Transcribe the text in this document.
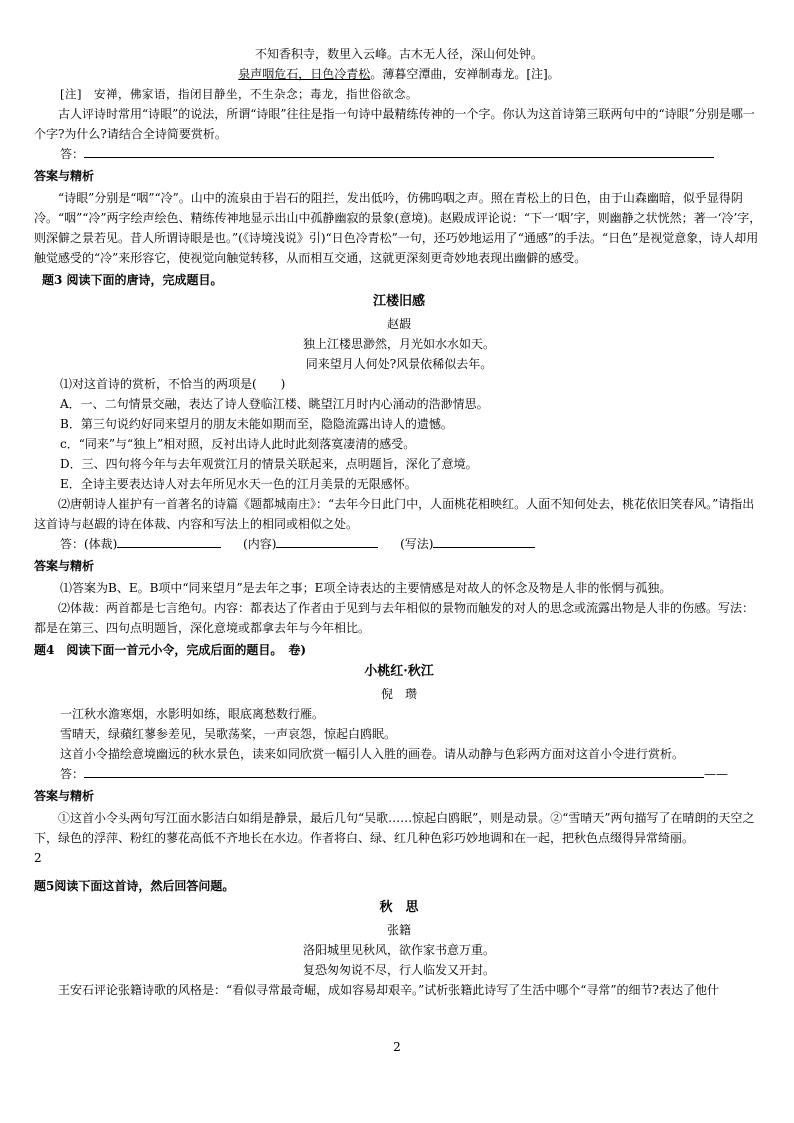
不知香积寺，数里入云峰。古木无人径，深山何处钟。

泉声咽危石，日色冷青松。薄暮空潭曲，安禅制毒龙。[注]。

[注]　安禅，佛家语，指闭目静坐，不生杂念；毒龙，指世俗欲念。

古人评诗时常用“诗眼”的说法，所谓“诗眼”往往是指一句诗中最精练传神的一个字。你认为这首诗第三联两句中的“诗眼”分别是哪一个字?为什么?请结合全诗简要赏析。

答：

答案与精析

“诗眼”分别是“咽”“冷”。山中的流泉由于岩石的阻拦，发出低吟，仿佛呜咽之声。照在青松上的日色，由于山森幽暗，似乎显得阴冷。“咽”“冷”两字绘声绘色、精练传神地显示出山中孤静幽寂的景象(意境)。赵殿成评论说：“下一‘咽’字，则幽静之状恍然；著一‘冷’字，则深僻之景若见。昔人所谓诗眼是也。”(《诗境浅说》引)“日色冷青松”一句，还巧妙地运用了“通感”的手法。“日色”是视觉意象，诗人却用触觉感受的“冷”来形容它，使视觉向触觉转移，从而相互交通，这就更深刻更奇妙地表现出幽僻的感受。

题3 阅读下面的唐诗，完成题目。

江楼旧感

赵嘏

独上江楼思渺然，月光如水水如天。

同来望月人何处?风景依稀似去年。

⑴对这首诗的赏析，不恰当的两项是(　　)

A．一、二句情景交融，表达了诗人登临江楼、眺望江月时内心涌动的浩渺情思。

B．第三句说约好同来望月的朋友未能如期而至，隐隐流露出诗人的遗憾。

c．“同来”与“独上”相对照，反衬出诗人此时此刻落寞凄清的感受。

D．三、四句将今年与去年观赏江月的情景关联起来，点明题旨，深化了意境。

E．全诗主要表达诗人对去年所见水天一色的江月美景的无限感怀。

⑵唐朝诗人崔护有一首著名的诗篇《题都城南庄》：“去年今日此门中，人面桃花相映红。人面不知何处去，桃花依旧笑春风。”请指出这首诗与赵嘏的诗在体裁、内容和写法上的相同或相似之处。

答：(体裁)	(内容)	(写法)

答案与精析

⑴答案为B、E。B项中“同来望月”是去年之事；E项全诗表达的主要情感是对故人的怀念及物是人非的怅惘与孤独。

⑵体裁：两首都是七言绝句。内容：都表达了作者由于见到与去年相似的景物而触发的对人的思念或流露出物是人非的伤感。写法：都是在第三、四句点明题旨，深化意境或都拿去年与今年相比。

题4　阅读下面一首元小令，完成后面的题目。　卷)

小桃红·秋江

倪　瓒

一江秋水澹寒烟，水影明如练，眼底离愁数行雁。

雪晴天，绿蘋红蓼参差见，吴歌荡桨，一声哀怨，惊起白鸥眠。

这首小令描绘意境幽远的秋水景色，读来如同欣赏一幅引人入胜的画卷。请从动静与色彩两方面对这首小令进行赏析。

答：	——

答案与精析

①这首小令头两句写江面水影洁白如绢是静景，最后几句“吴歌……惊起白鸥眠”，则是动景。②“雪晴天”两句描写了在晴朗的天空之下，绿色的浮萍、粉红的蓼花高低不齐地长在水边。作者将白、绿、红几种色彩巧妙地调和在一起，把秋色点缀得异常绮丽。

2

题5阅读下面这首诗，然后回答问题。

秋　思

张籍

洛阳城里见秋风，欲作家书意万重。

复恐匆匆说不尽，行人临发又开封。

王安石评论张籍诗歌的风格是：“看似寻常最奇崛，成如容易却艰辛。”试析张籍此诗写了生活中哪个“寻常”的细节?表达了他什

2
